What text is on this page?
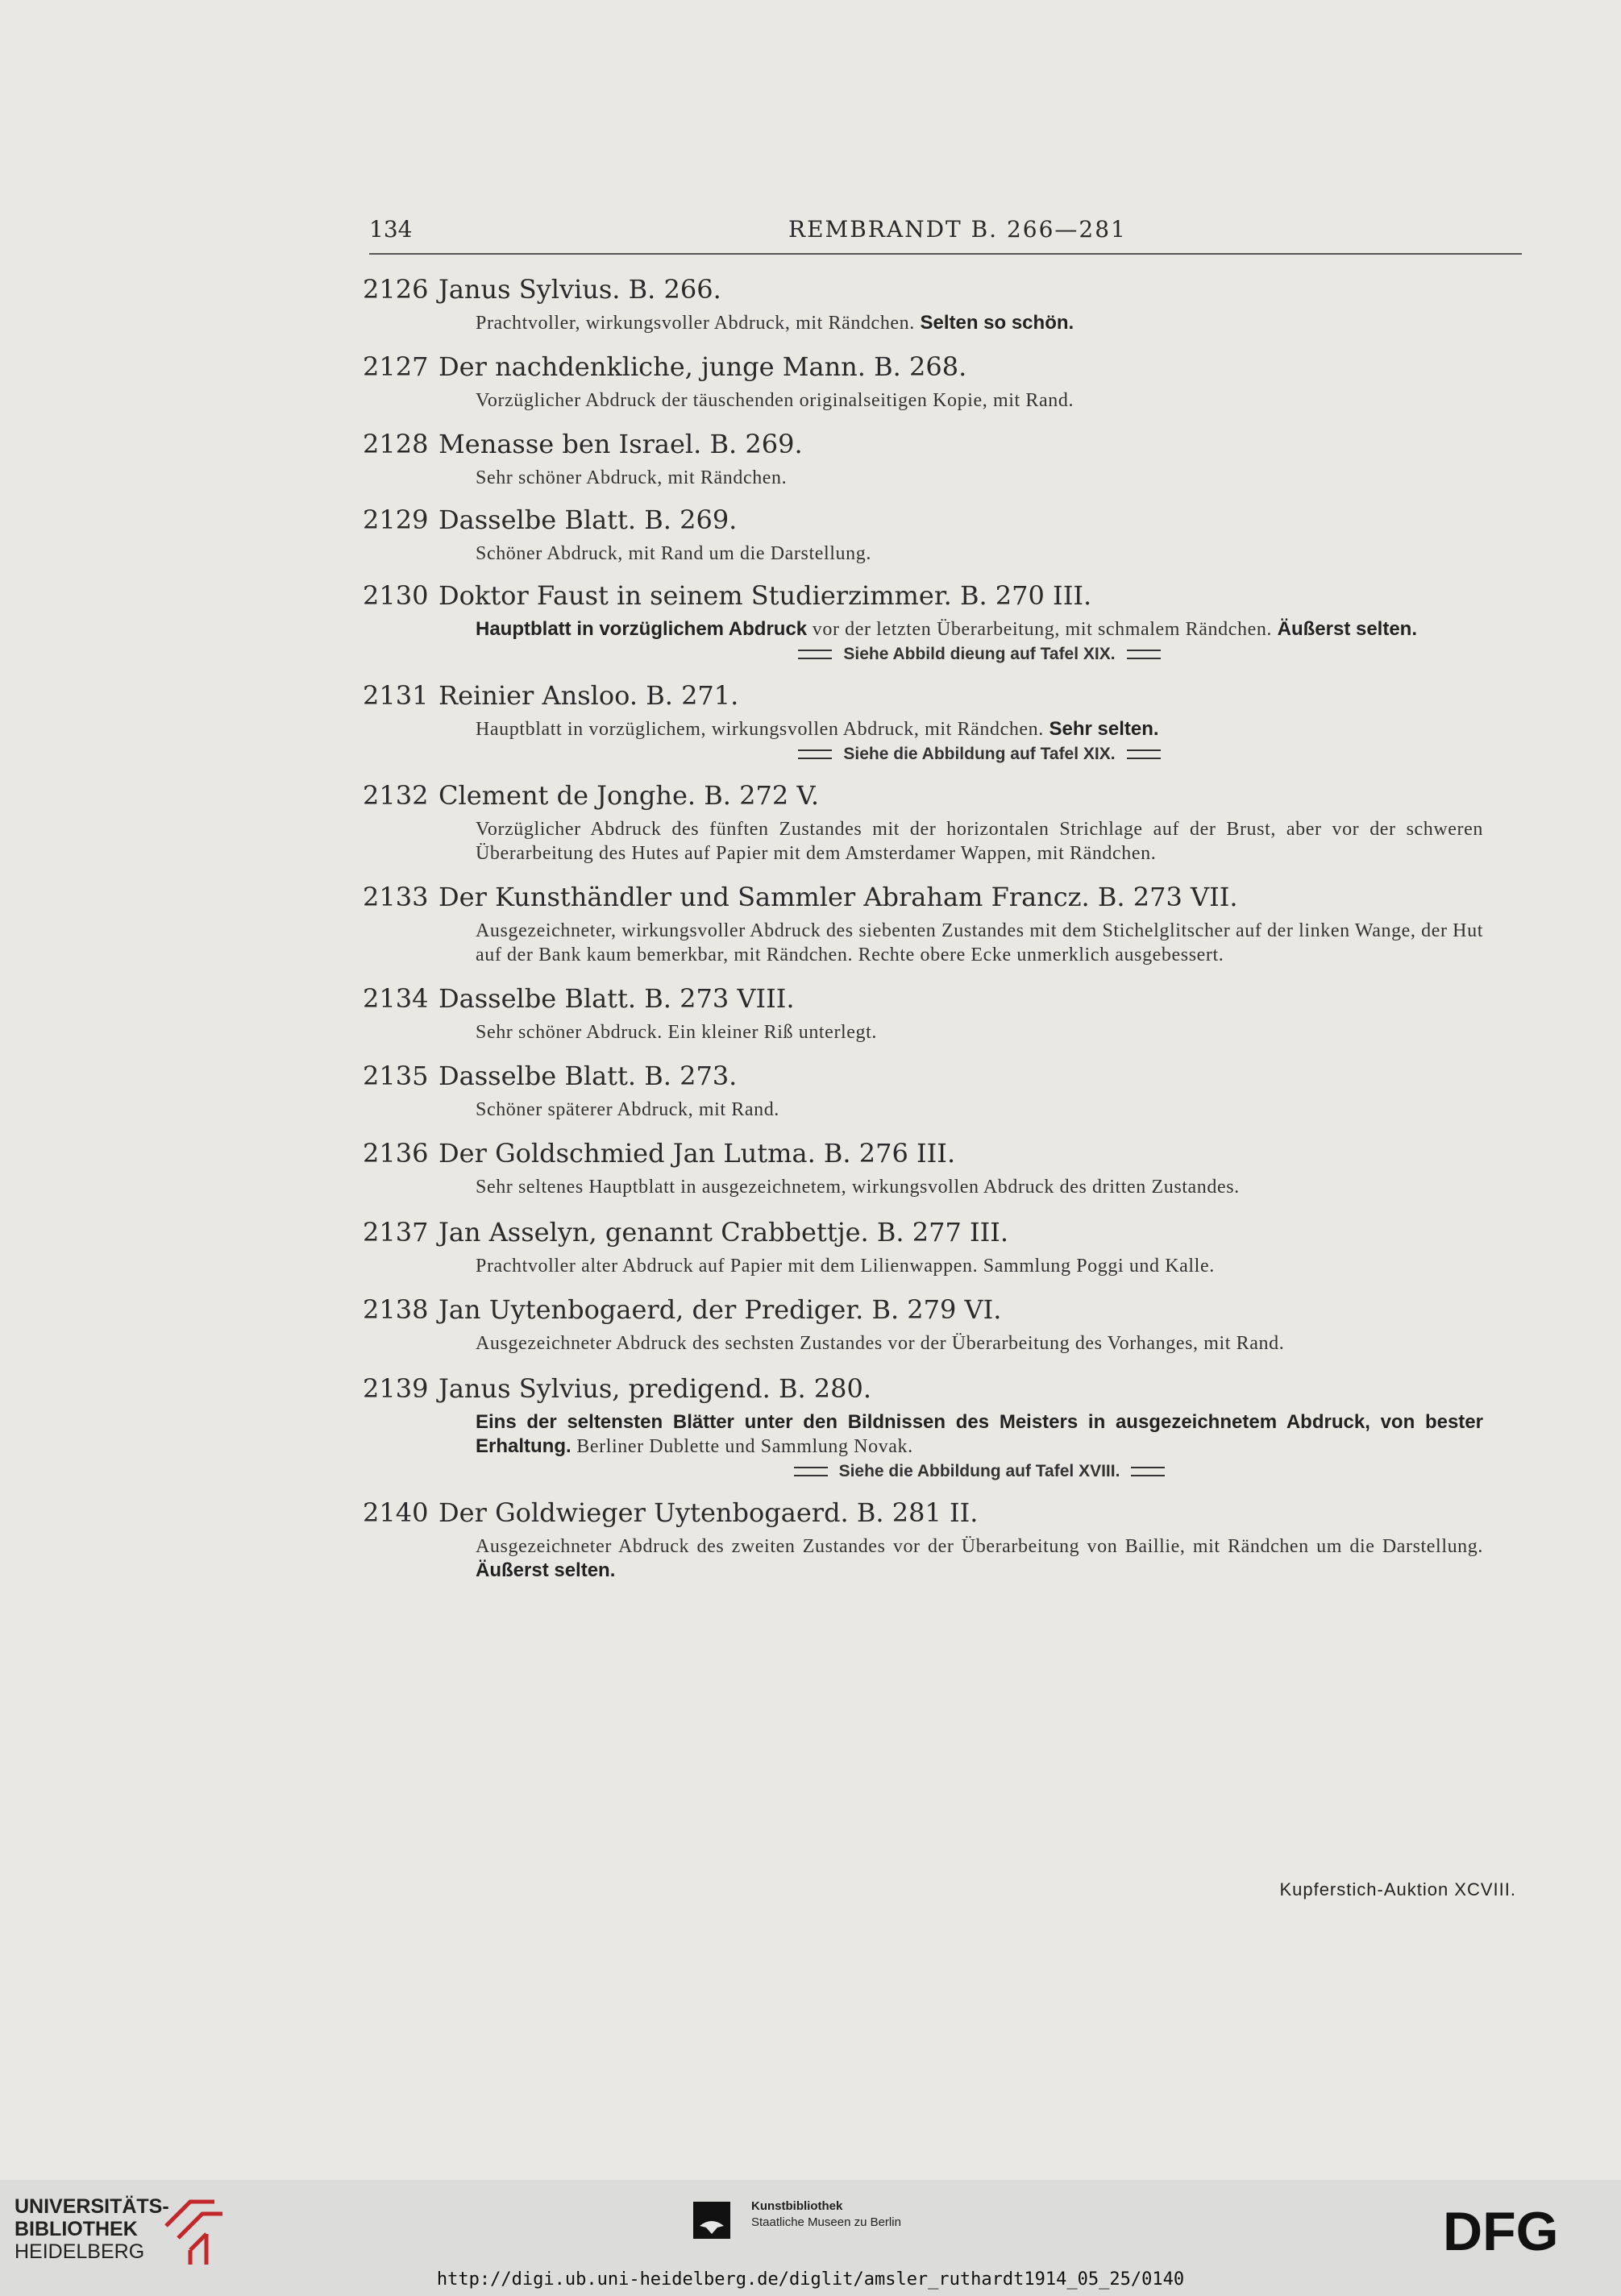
134	REMBRANDT B. 266—281
2126 Janus Sylvius. B. 266.
Prachtvoller, wirkungsvoller Abdruck, mit Rändchen. Selten so schön.
2127 Der nachdenkliche, junge Mann. B. 268.
Vorzüglicher Abdruck der täuschenden originalseitigen Kopie, mit Rand.
2128 Menasse ben Israel. B. 269.
Sehr schöner Abdruck, mit Rändchen.
2129 Dasselbe Blatt. B. 269.
Schöner Abdruck, mit Rand um die Darstellung.
2130 Doktor Faust in seinem Studierzimmer. B. 270 III.
Hauptblatt in vorzüglichem Abdruck vor der letzten Überarbeitung, mit schmalem Rändchen. Äußerst selten.
Siehe Abbild dieung auf Tafel XIX.
2131 Reinier Ansloo. B. 271.
Hauptblatt in vorzüglichem, wirkungsvollen Abdruck, mit Rändchen. Sehr selten.
Siehe die Abbildung auf Tafel XIX.
2132 Clement de Jonghe. B. 272 V.
Vorzüglicher Abdruck des fünften Zustandes mit der horizontalen Strichlage auf der Brust, aber vor der schweren Überarbeitung des Hutes auf Papier mit dem Amsterdamer Wappen, mit Rändchen.
2133 Der Kunsthändler und Sammler Abraham Francz. B. 273 VII.
Ausgezeichneter, wirkungsvoller Abdruck des siebenten Zustandes mit dem Stichelglitscher auf der linken Wange, der Hut auf der Bank kaum bemerkbar, mit Rändchen. Rechte obere Ecke unmerklich ausgebessert.
2134 Dasselbe Blatt. B. 273 VIII.
Sehr schöner Abdruck. Ein kleiner Riß unterlegt.
2135 Dasselbe Blatt. B. 273.
Schöner späterer Abdruck, mit Rand.
2136 Der Goldschmied Jan Lutma. B. 276 III.
Sehr seltenes Hauptblatt in ausgezeichnetem, wirkungsvollen Abdruck des dritten Zustandes.
2137 Jan Asselyn, genannt Crabbettje. B. 277 III.
Prachtvoller alter Abdruck auf Papier mit dem Lilienwappen. Sammlung Poggi und Kalle.
2138 Jan Uytenbogaerd, der Prediger. B. 279 VI.
Ausgezeichneter Abdruck des sechsten Zustandes vor der Überarbeitung des Vorhanges, mit Rand.
2139 Janus Sylvius, predigend. B. 280.
Eins der seltensten Blätter unter den Bildnissen des Meisters in ausgezeichnetem Abdruck, von bester Erhaltung. Berliner Dublette und Sammlung Novak.
Siehe die Abbildung auf Tafel XVIII.
2140 Der Goldwieger Uytenbogaerd. B. 281 II.
Ausgezeichneter Abdruck des zweiten Zustandes vor der Überarbeitung von Baillie, mit Rändchen um die Darstellung. Äußerst selten.
Kupferstich-Auktion XCVIII.
UNIVERSITÄTS-
BIBLIOTHEK
HEIDELBERG
Kunstbibliothek
Staatliche Museen zu Berlin	DFG
http://digi.ub.uni-heidelberg.de/diglit/amsler_ruthardt1914_05_25/0140
